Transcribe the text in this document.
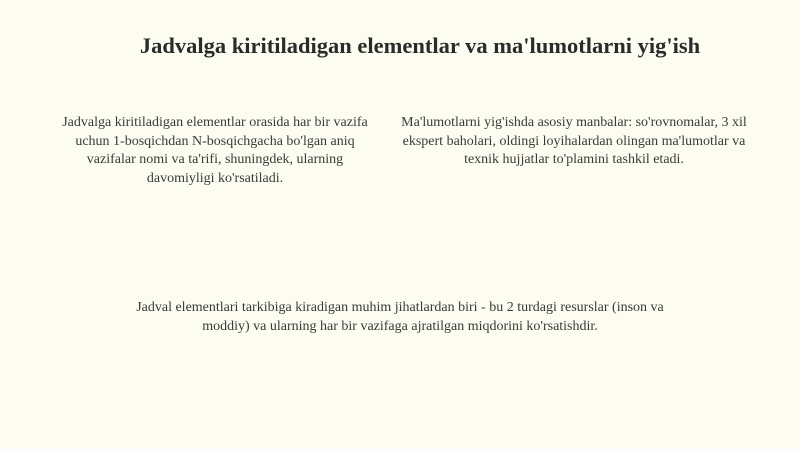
Jadvalga kiritiladigan elementlar va ma'lumotlarni yig'ish

Jadvalga kiritiladigan elementlar orasida har bir vazifa uchun 1-bosqichdan N-bosqichgacha bo'lgan aniq vazifalar nomi va ta'rifi, shuningdek, ularning davomiyligi ko'rsatiladi.

Ma'lumotlarni yig'ishda asosiy manbalar: so'rovnomalar, 3 xil ekspert baholari, oldingi loyihalardan olingan ma'lumotlar va texnik hujjatlar to'plamini tashkil etadi.

Jadval elementlari tarkibiga kiradigan muhim jihatlardan biri - bu 2 turdagi resurslar (inson va moddiy) va ularning har bir vazifaga ajratilgan miqdorini ko'rsatishdir.
